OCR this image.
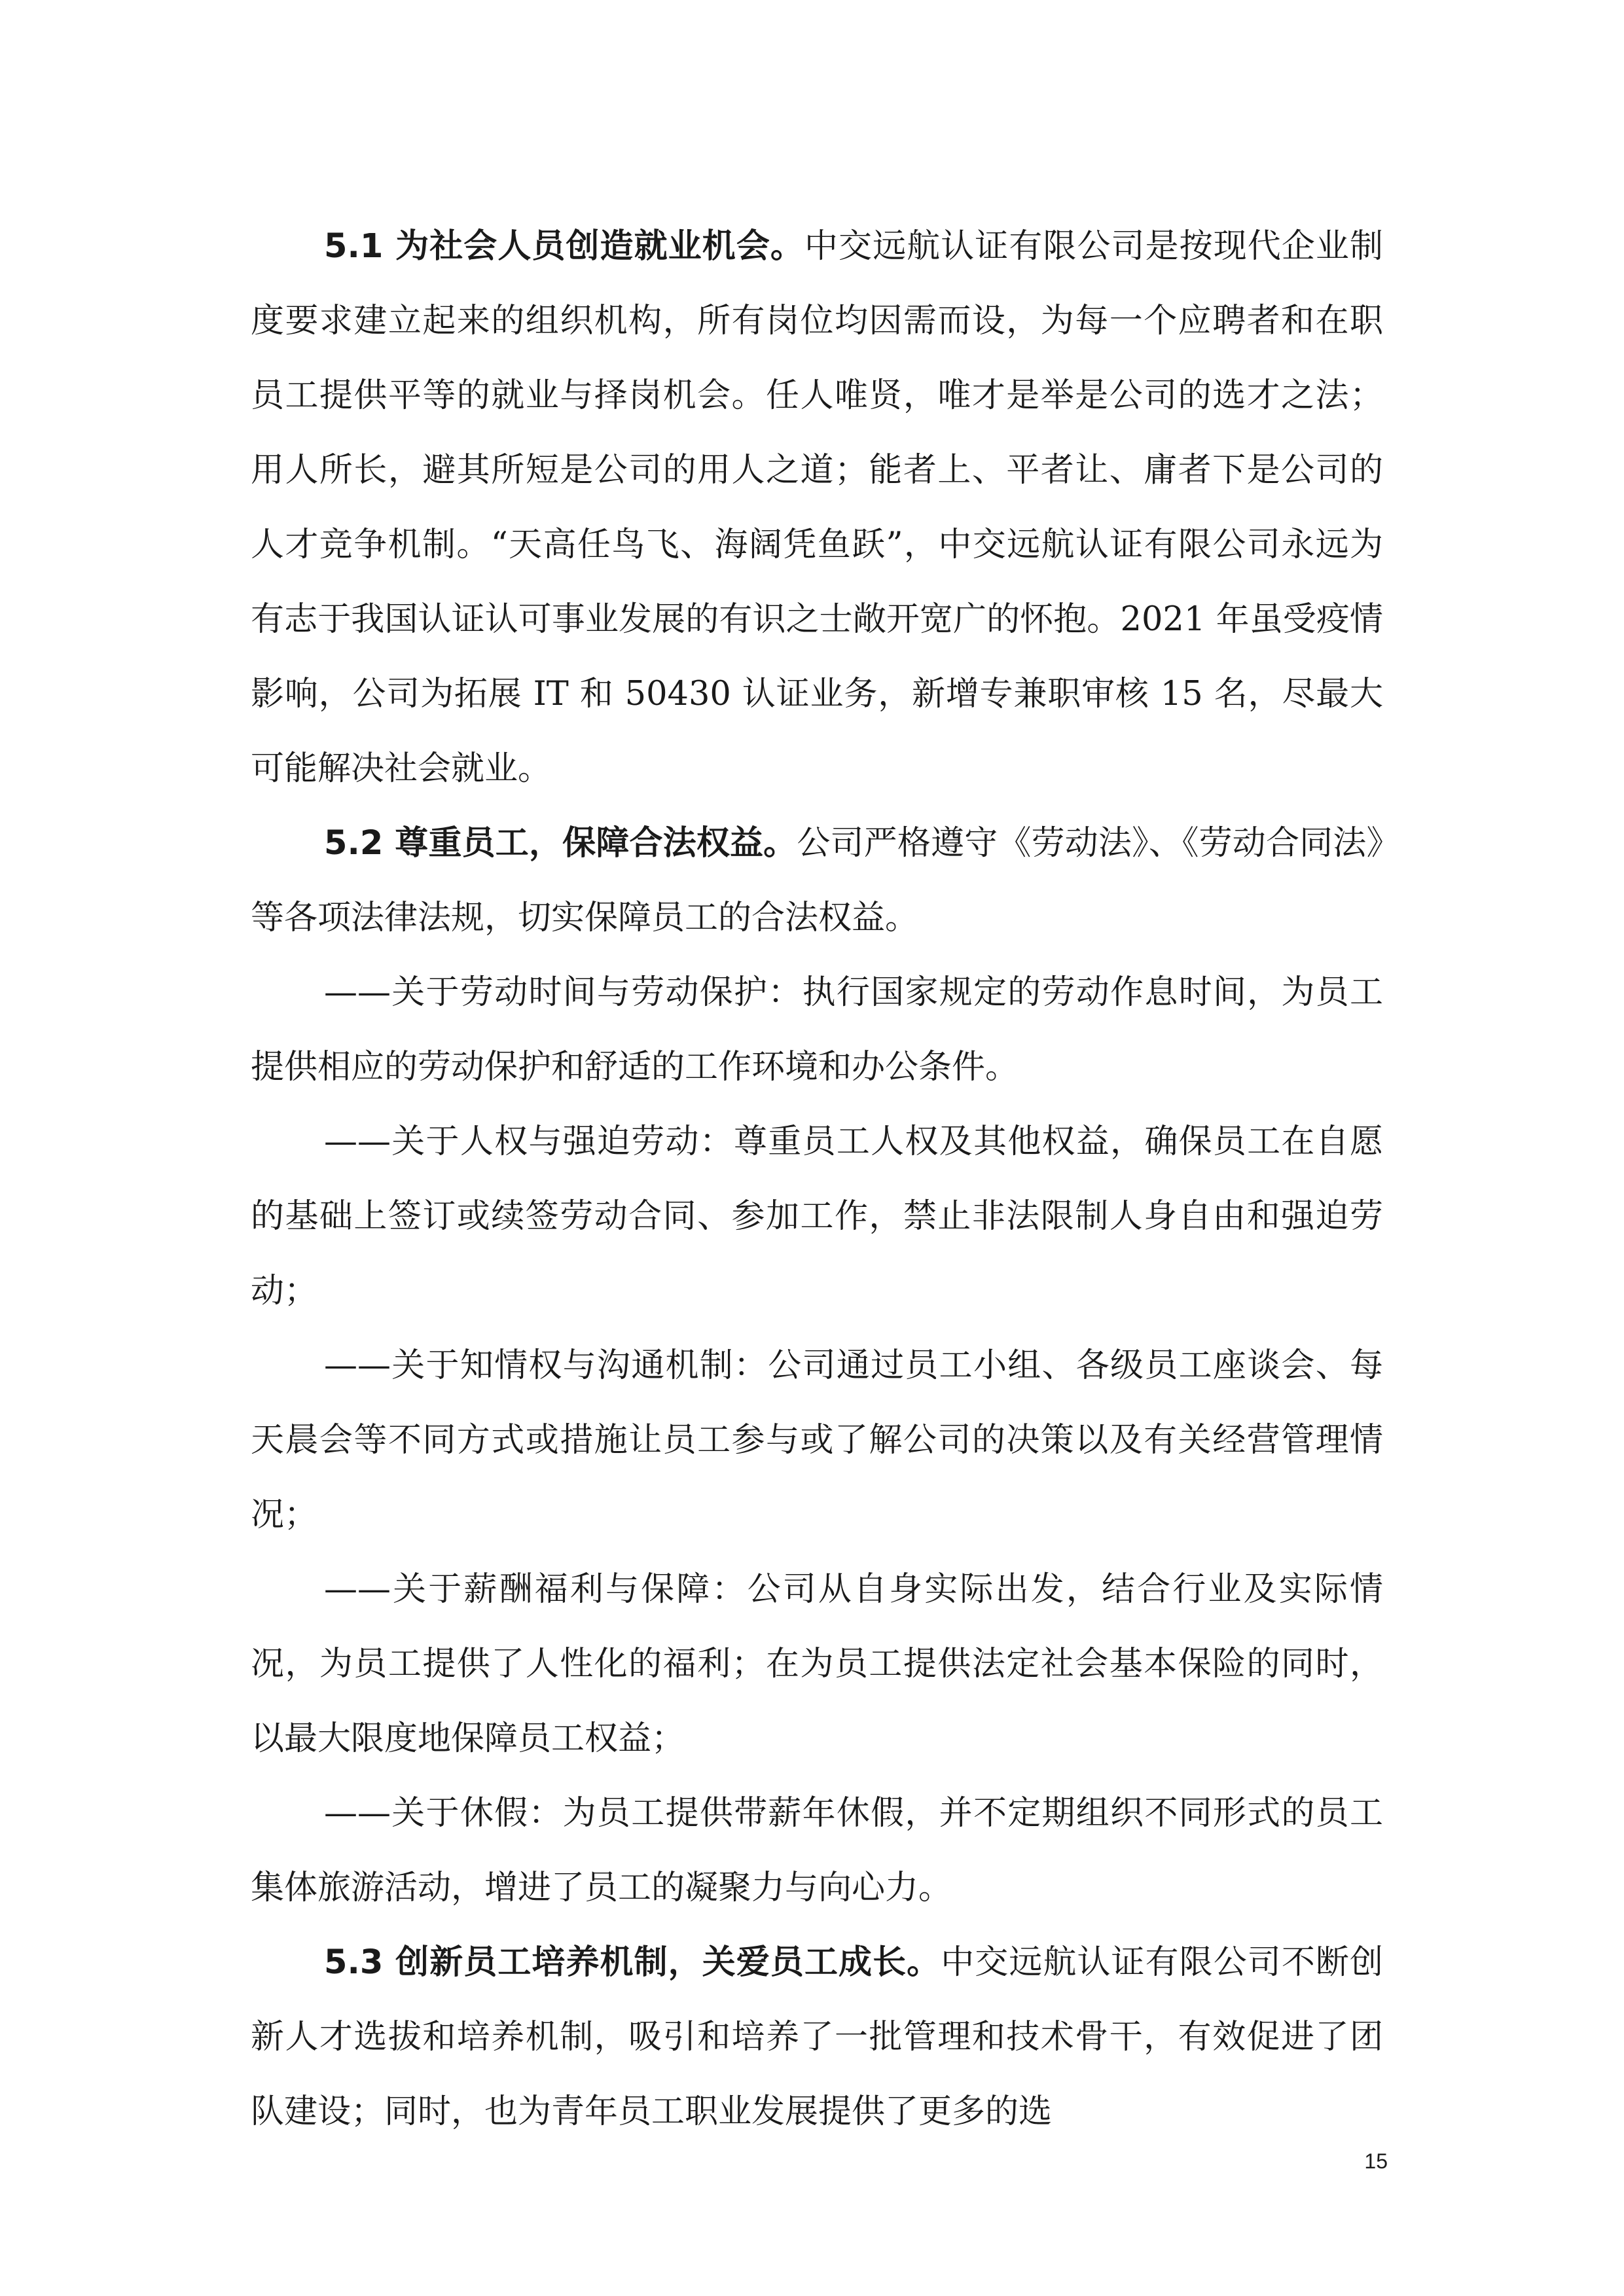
5.1 为社会人员创造就业机会。中交远航认证有限公司是按现代企业制度要求建立起来的组织机构，所有岗位均因需而设，为每一个应聘者和在职员工提供平等的就业与择岗机会。任人唯贤，唯才是举是公司的选才之法；用人所长，避其所短是公司的用人之道；能者上、平者让、庸者下是公司的人才竞争机制。“天高任鸟飞、海阔凭鱼跃”，中交远航认证有限公司永远为有志于我国认证认可事业发展的有识之士敞开宽广的怀抱。2021 年虽受疫情影响，公司为拓展 IT 和 50430 认证业务，新增专兼职审核 15 名，尽最大可能解决社会就业。

5.2 尊重员工，保障合法权益。公司严格遵守《劳动法》、《劳动合同法》等各项法律法规，切实保障员工的合法权益。

——关于劳动时间与劳动保护：执行国家规定的劳动作息时间，为员工提供相应的劳动保护和舒适的工作环境和办公条件。

——关于人权与强迫劳动：尊重员工人权及其他权益，确保员工在自愿的基础上签订或续签劳动合同、参加工作，禁止非法限制人身自由和强迫劳动；

——关于知情权与沟通机制：公司通过员工小组、各级员工座谈会、每天晨会等不同方式或措施让员工参与或了解公司的决策以及有关经营管理情况；

——关于薪酬福利与保障：公司从自身实际出发，结合行业及实际情况，为员工提供了人性化的福利；在为员工提供法定社会基本保险的同时，以最大限度地保障员工权益；

——关于休假：为员工提供带薪年休假，并不定期组织不同形式的员工集体旅游活动，增进了员工的凝聚力与向心力。

5.3 创新员工培养机制，关爱员工成长。中交远航认证有限公司不断创新人才选拔和培养机制，吸引和培养了一批管理和技术骨干，有效促进了团队建设；同时，也为青年员工职业发展提供了更多的选

15
